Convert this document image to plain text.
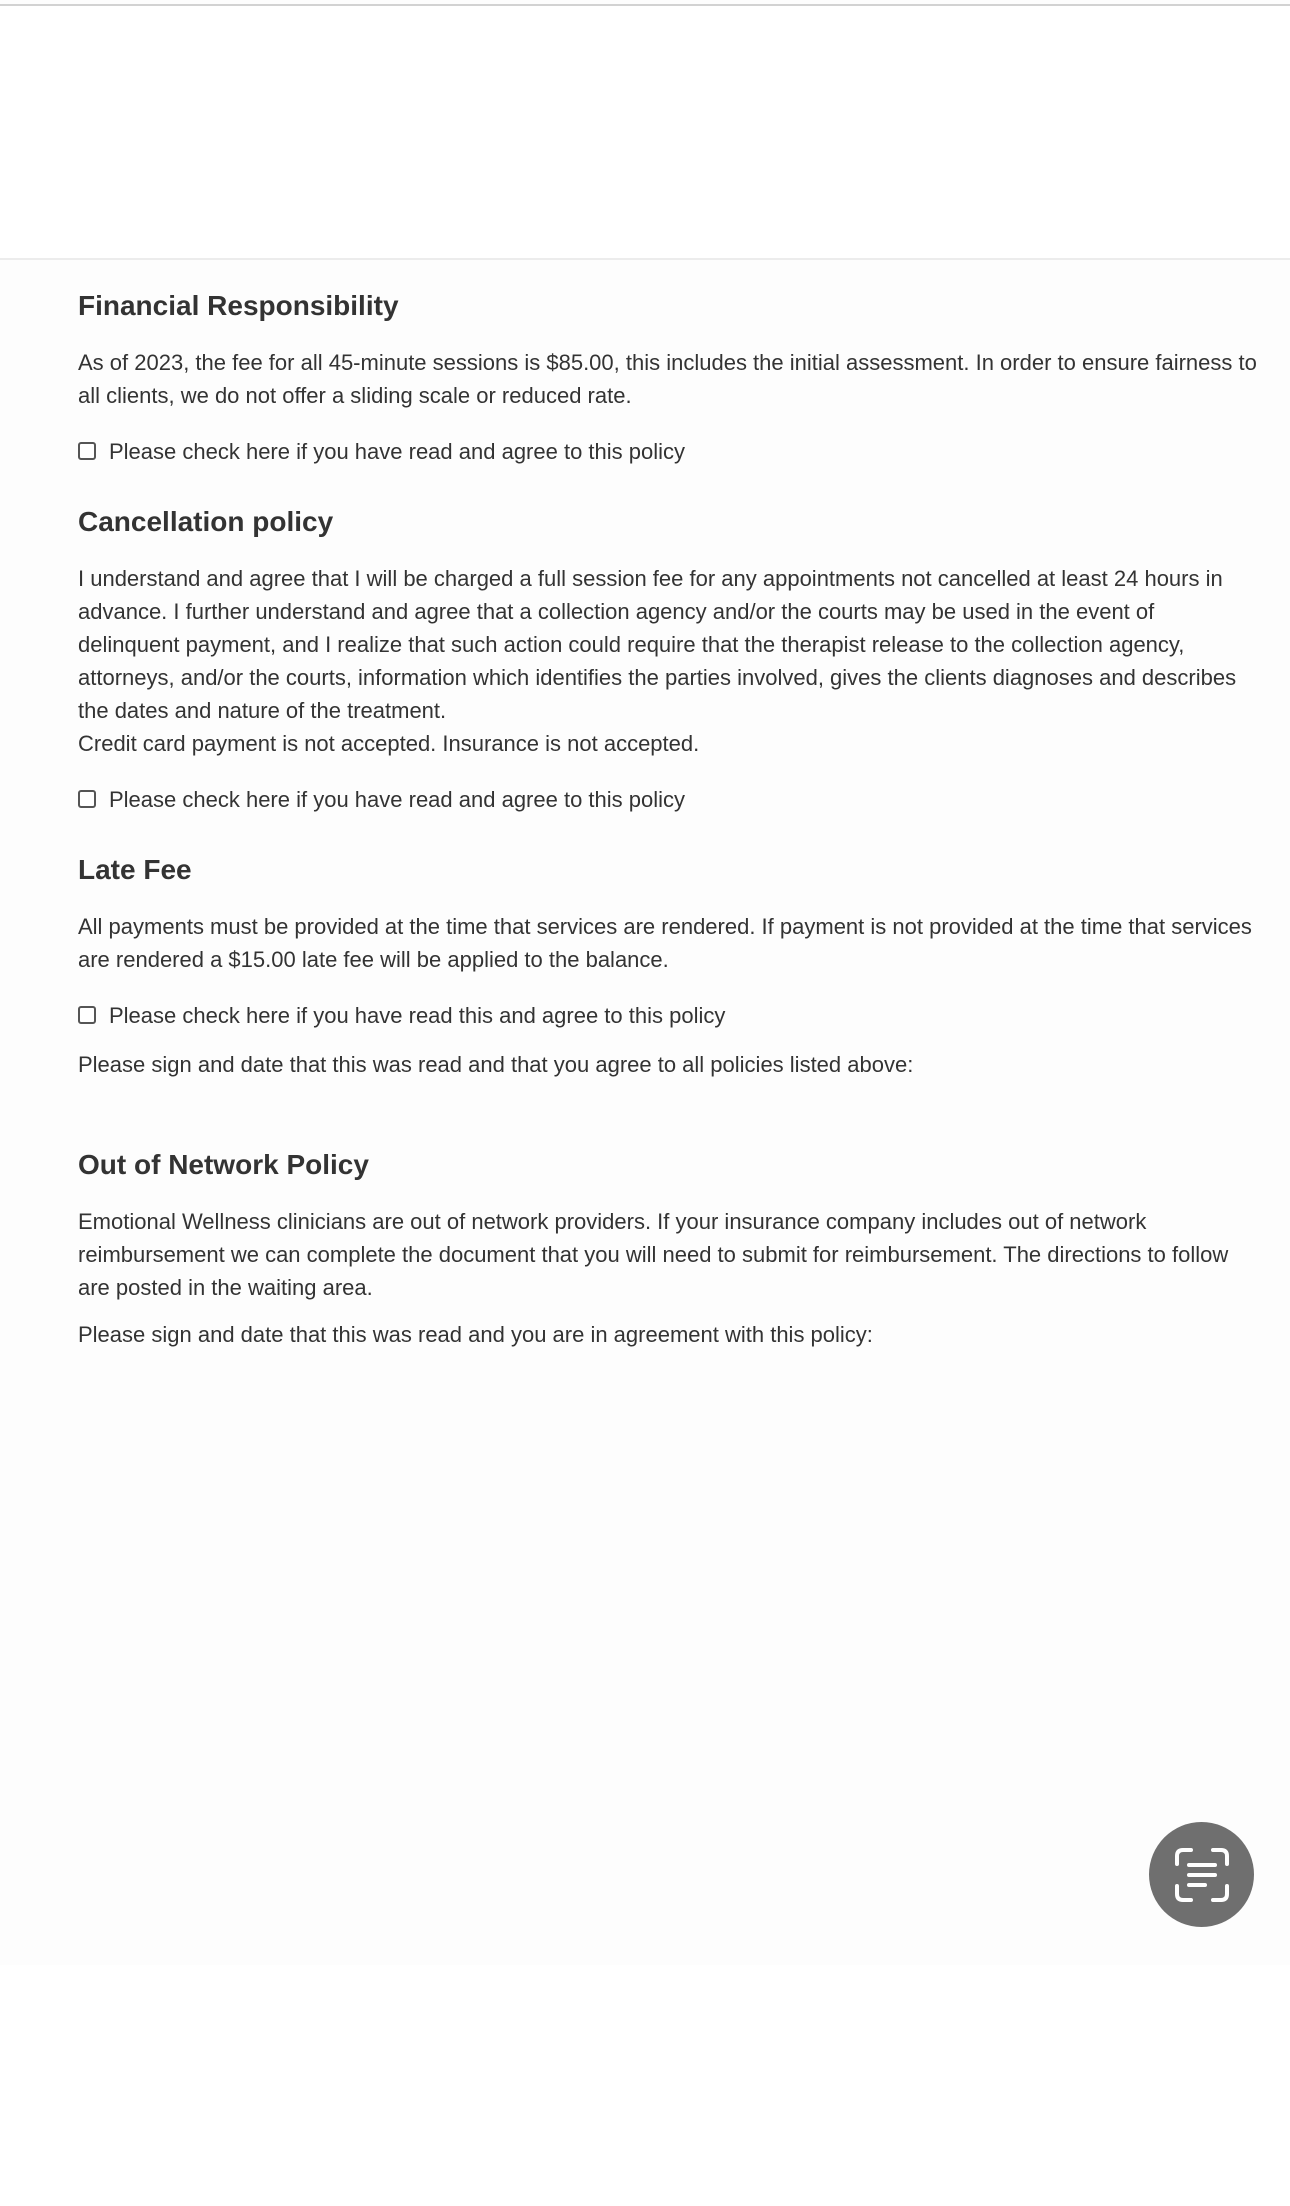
Financial Responsibility

As of 2023, the fee for all 45-minute sessions is $85.00, this includes the initial assessment. In order to ensure fairness to all clients, we do not offer a sliding scale or reduced rate.

Please check here if you have read and agree to this policy
Cancellation policy

I understand and agree that I will be charged a full session fee for any appointments not cancelled at least 24 hours in advance. I further understand and agree that a collection agency and/or the courts may be used in the event of delinquent payment, and I realize that such action could require that the therapist release to the collection agency, attorneys, and/or the courts, information which identifies the parties involved, gives the clients diagnoses and describes the dates and nature of the treatment.

Credit card payment is not accepted. Insurance is not accepted.

Please check here if you have read and agree to this policy
Late Fee

All payments must be provided at the time that services are rendered. If payment is not provided at the time that services are rendered a $15.00 late fee will be applied to the balance.

Please check here if you have read this and agree to this policy

Please sign and date that this was read and that you agree to all policies listed above:

Out of Network Policy

Emotional Wellness clinicians are out of network providers. If your insurance company includes out of network reimbursement we can complete the document that you will need to submit for reimbursement. The directions to follow are posted in the waiting area.

Please sign and date that this was read and you are in agreement with this policy:
